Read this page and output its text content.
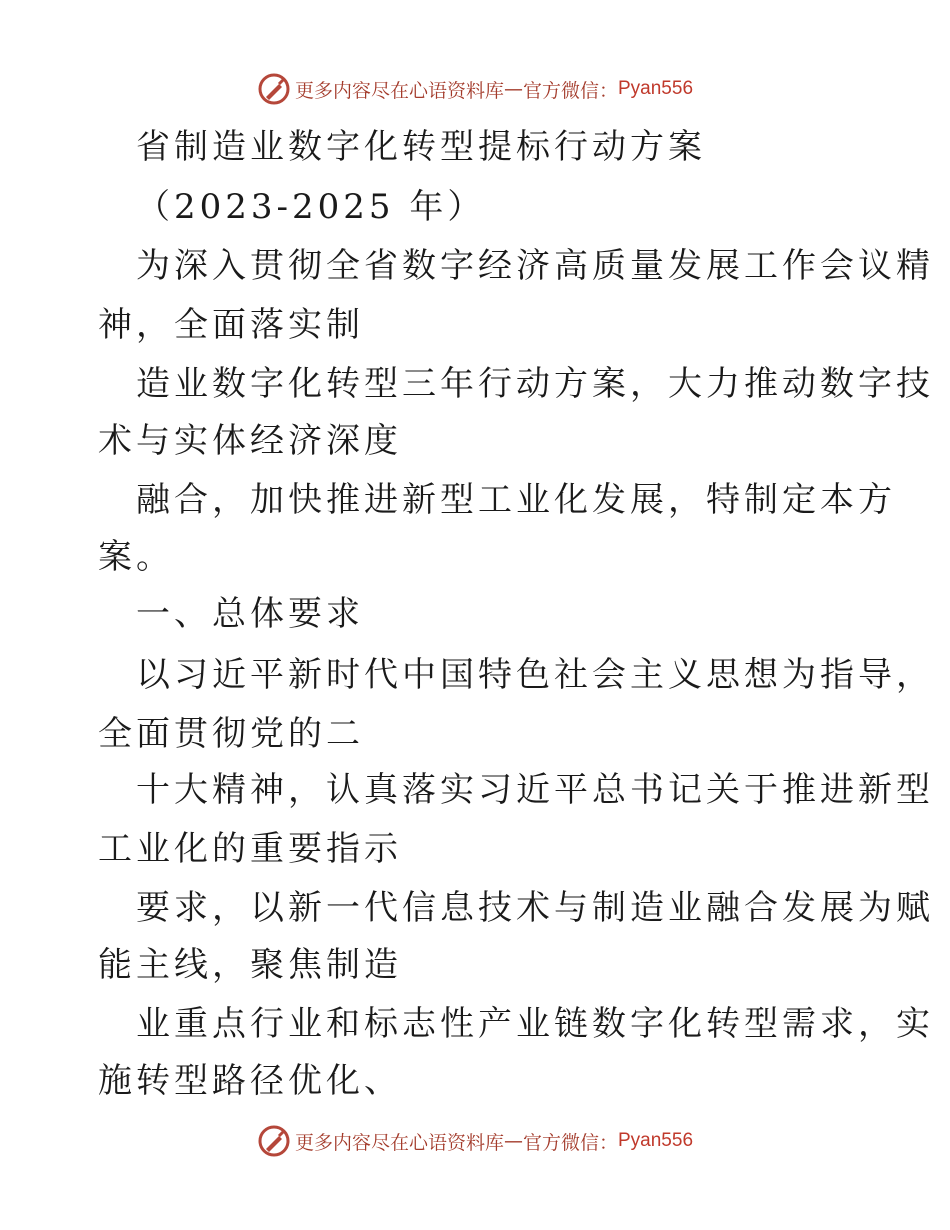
更多内容尽在心语资料库 — 官方微信： Pyan556
省制造业数字化转型提标行动方案
（2023-2025 年）
为深入贯彻全省数字经济高质量发展工作会议精
神，全面落实制
造业数字化转型三年行动方案，大力推动数字技
术与实体经济深度
融合，加快推进新型工业化发展，特制定本方
案。
一、总体要求
以习近平新时代中国特色社会主义思想为指导，
全面贯彻党的二
十大精神，认真落实习近平总书记关于推进新型
工业化的重要指示
要求，以新一代信息技术与制造业融合发展为赋
能主线，聚焦制造
业重点行业和标志性产业链数字化转型需求，实
施转型路径优化、
更多内容尽在心语资料库 — 官方微信： Pyan556
